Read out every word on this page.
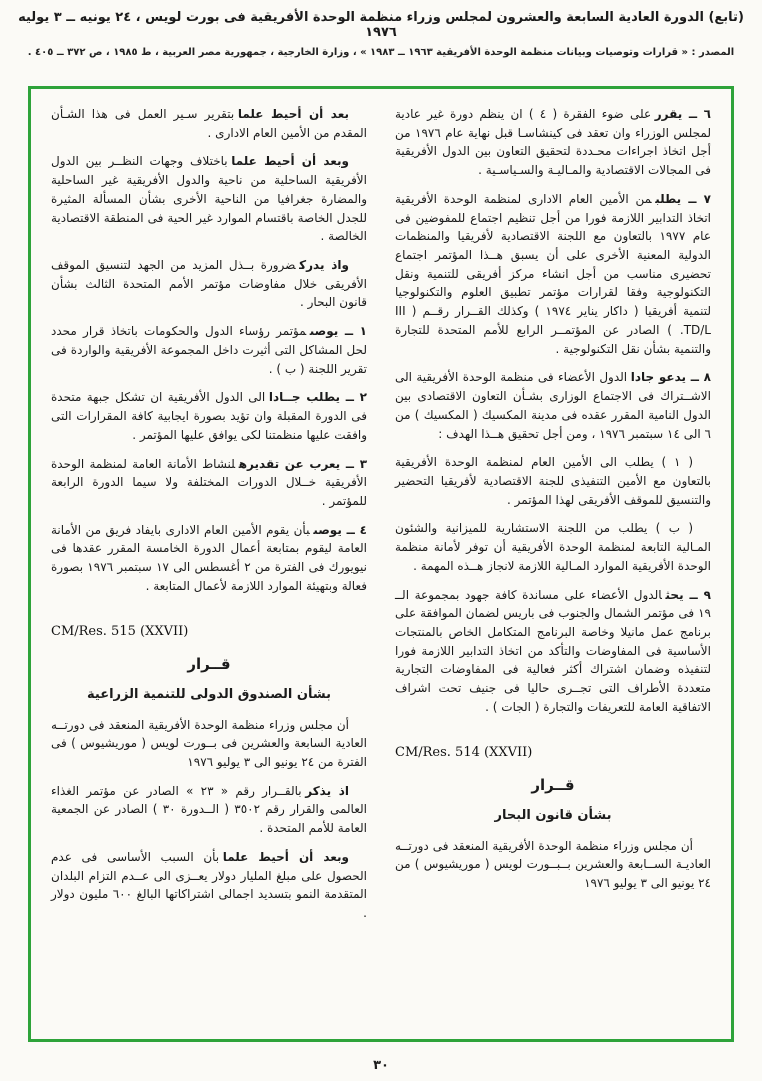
(تابع) الدورة العادية السابعة والعشرون لمجلس وزراء منظمة الوحدة الأفريقية فى بورت لويس ، ٢٤ يونيه ــ ٣ يوليه ١٩٧٦
المصدر : « قرارات وتوصيات وبيانات منظمة الوحدة الأفريقية ١٩٦٣ ــ ١٩٨٣ » ، وزارة الخارجية ، جمهورية مصر العربية ، ط ١٩٨٥ ، ص ٣٧٢ ــ ٤٠٥ .

٦ ــ يقررعلى ضوء الفقرة ( ٤ ) ان ينظم دورة غير عادية لمجلس الوزراء وان تعقد فى كينشاسـا قبل نهاية عام ١٩٧٦ من أجل اتخاذ اجراءات محـددة لتحقيق التعاون بين الدول الأفريقية فى المجالات الاقتصادية والمـاليـة والسـياسـية .

٧ ــ يطلبمن الأمين العام الادارى لمنظمة الوحدة الأفريقية اتخاذ التدابير اللازمة فورا من أجل تنظيم اجتماع للمفوضين فى عام ١٩٧٧ بالتعاون مع اللجنة الاقتصادية لأفريقيا والمنظمات الدولية المعنية الأخرى على أن يسبق هــذا المؤتمر اجتماع تحضيرى مناسب من أجل انشاء مركز أفريقى للتنمية ونقل التكنولوجية وفقا لقرارات مؤتمر تطبيق العلوم والتكنولوجيا لتنمية أفريقيا ( داكار يناير ١٩٧٤ ) وكذلك القــرار رقــم ( III TD/L. ) الصادر عن المؤتمــر الرابع للأمم المتحدة للتجارة والتنمية بشأن نقل التكنولوجية .

٨ ــ يدعو جاداالدول الأعضاء فى منظمة الوحدة الأفريقية الى الاشــتراك فى الاجتماع الوزارى بشـأن التعاون الاقتصادى بين الدول النامية المقرر عقده فى مدينة المكسيك ( المكسيك ) من ٦ الى ١٤ سبتمبر ١٩٧٦ ، ومن أجل تحقيق هــذا الهدف :

( ١ ) يطلب الى الأمين العام لمنظمة الوحدة الأفريقية بالتعاون مع الأمين التنفيذى للجنة الاقتصادية لأفريقيا التحضير والتنسيق للموقف الأفريقى لهذا المؤتمر .

( ب ) يطلب من اللجنة الاستشارية للميزانية والشئون المـالية التابعة لمنظمة الوحدة الأفريقية أن توفر لأمانة منظمة الوحدة الأفريقية الموارد المـالية اللازمة لانجاز هــذه المهمة .

٩ ــ يحثالدول الأعضاء على مساندة كافة جهود بمجموعة الــ ١٩ فى مؤتمر الشمال والجنوب فى باريس لضمان الموافقة على برنامج عمل مانيلا وخاصة البرنامج المتكامل الخاص بالمنتجات الأساسية فى المفاوضات والتأكد من اتخاذ التدابير اللازمة فورا لتنفيذه وضمان اشتراك أكثر فعالية فى المفاوضات التجارية متعددة الأطراف التى تجــرى حاليا فى جنيف تحت اشراف الاتفاقية العامة للتعريفات والتجارة ( الجات ) .

CM/Res. 514 (XXVII)

قــرار
بشأن قانون البحار

أن مجلس وزراء منظمة الوحدة الأفريقية المنعقد فى دورتــه العاديـة الســابعة والعشرين بــبــورت لويس ( موريشيوس ) من ٢٤ يونيو الى ٣ يوليو ١٩٧٦

بعد أن أحيط علمابتقرير سـير العمل فى هذا الشـأن المقدم من الأمين العام الادارى .

وبعد أن أحيط علماباختلاف وجهات النظــر بين الدول الأفريقية الساحلية من ناحية والدول الأفريقية غير الساحلية والمضارة جغرافيا من الناحية الأخرى بشأن المسألة المثيرة للجدل الخاصة باقتسام الموارد غير الحية فى المنطقة الاقتصادية الخالصة .

واذ يدركضرورة بــذل المزيد من الجهد لتنسيق الموقف الأفريقى خلال مفاوضات مؤتمر الأمم المتحدة الثالث بشأن قانون البحار .

١ ــ يوصىمؤتمر رؤساء الدول والحكومات باتخاذ قرار محدد لحل المشاكل التى أثيرت داخل المجموعة الأفريقية والواردة فى تقرير اللجنة ( ب ) .

٢ ــ يطلب جــاداالى الدول الأفريقية ان تشكل جبهة متحدة فى الدورة المقبلة وان تؤيد بصورة ايجابية كافة المقرارات التى وافقت عليها منظمتنا لكى يوافق عليها المؤتمر .

٣ ــ يعرب عن تقديرهلنشاط الأمانة العامة لمنظمة الوحدة الأفريقية خــلال الدورات المختلفة ولا سيما الدورة الرابعة للمؤتمر .

٤ ــ يوصىبأن يقوم الأمين العام الادارى بايفاد فريق من الأمانة العامة ليقوم بمتابعة أعمال الدورة الخامسة المقرر عقدها فى نيويورك فى الفترة من ٢ أغسطس الى ١٧ سبتمبر ١٩٧٦ بصورة فعالة وبتهيئة الموارد اللازمة لأعمال المتابعة .

CM/Res. 515 (XXVII)

قــرار
بشأن الصندوق الدولى للتنمية الزراعية

أن مجلس وزراء منظمة الوحدة الأفريقية المنعقد فى دورتــه العادية السابعة والعشرين فى بــورت لويس ( موريشيوس ) فى الفترة من ٢٤ يونيو الى ٣ يوليو ١٩٧٦

اذ يذكربالقــرار رقم « ٢٣ » الصادر عن مؤتمر الغذاء العالمى والقرار رقم ٣٥٠٢ ( الــدورة ٣٠ ) الصادر عن الجمعية العامة للأمم المتحدة .

وبعد أن أحيط علمابأن السبب الأساسى فى عدم الحصول على مبلغ المليار دولار يعــزى الى عــدم التزام البلدان المتقدمة النمو بتسديد اجمالى اشتراكاتها البالغ ٦٠٠ مليون دولار .

٣٠
